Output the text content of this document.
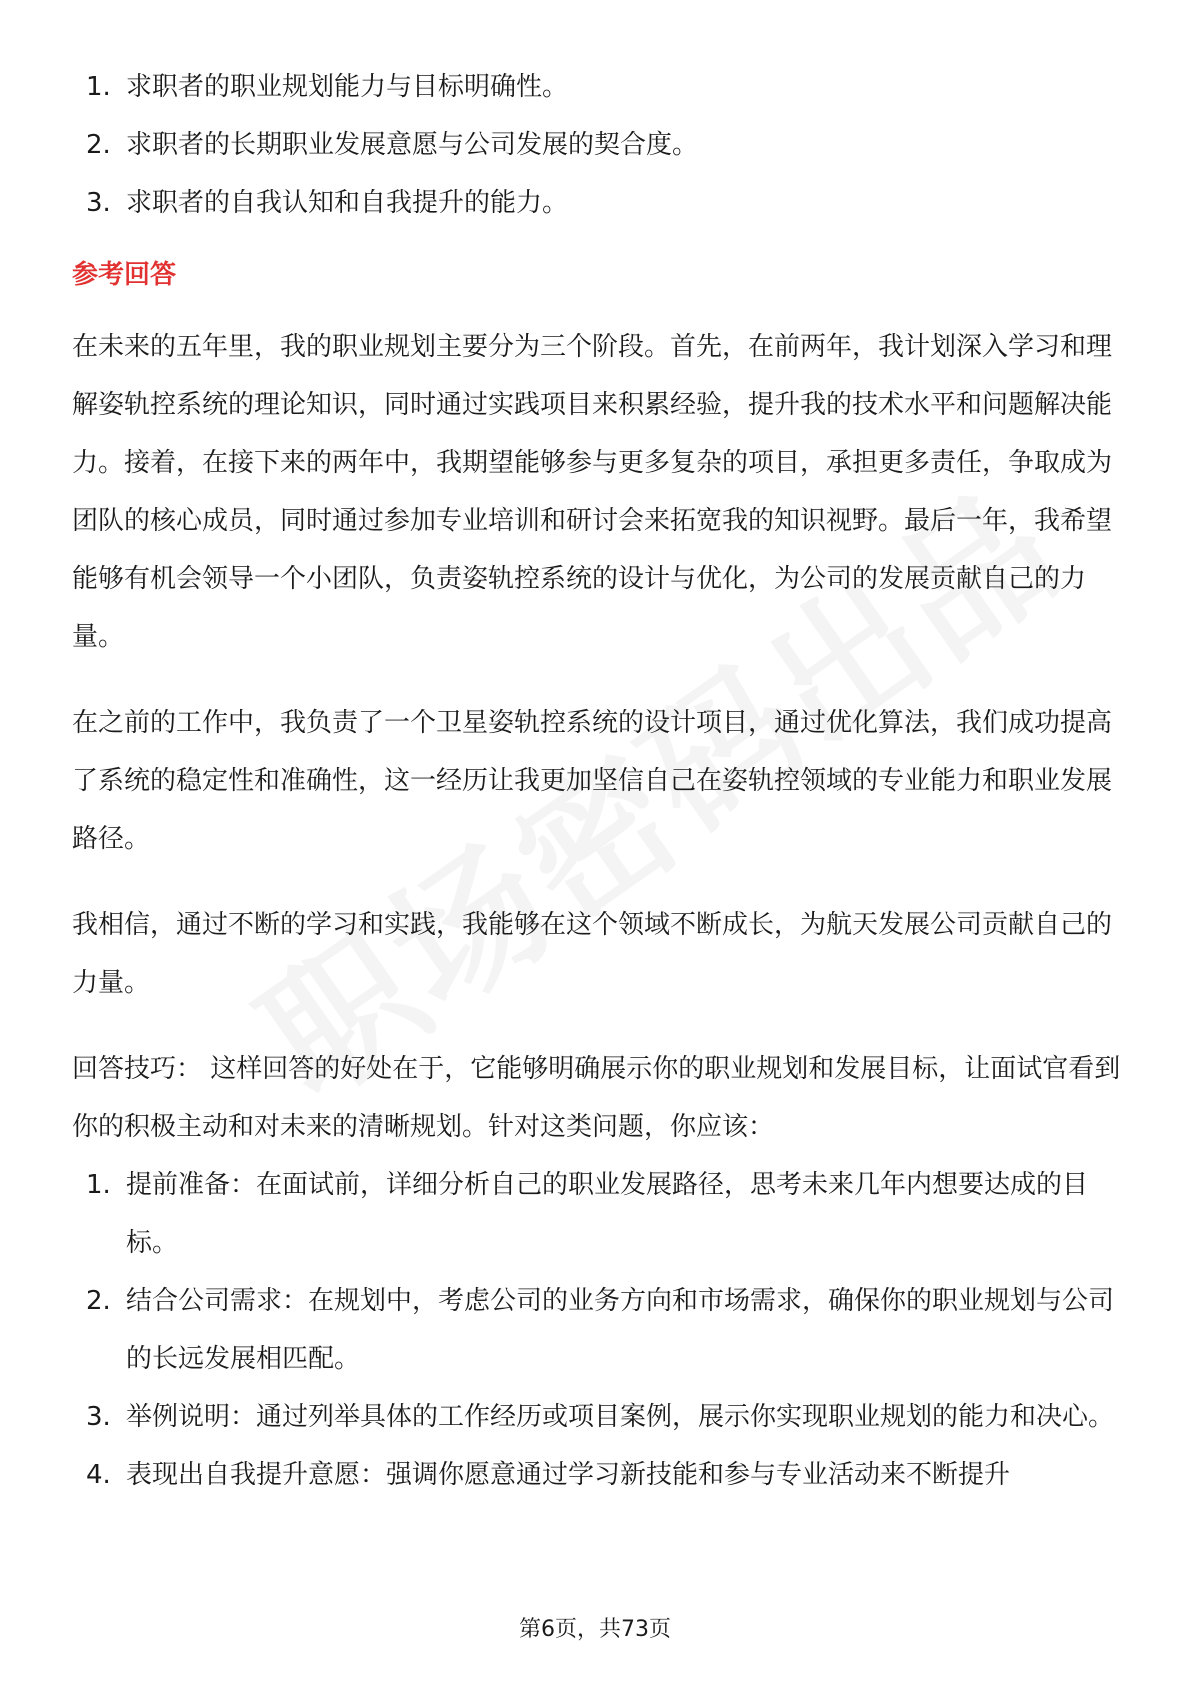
1. 求职者的职业规划能力与目标明确性。
2. 求职者的长期职业发展意愿与公司发展的契合度。
3. 求职者的自我认知和自我提升的能力。
参考回答

在未来的五年里，我的职业规划主要分为三个阶段。首先，在前两年，我计划深入学习和理解姿轨控系统的理论知识，同时通过实践项目来积累经验，提升我的技术水平和问题解决能力。接着，在接下来的两年中，我期望能够参与更多复杂的项目，承担更多责任，争取成为团队的核心成员，同时通过参加专业培训和研讨会来拓宽我的知识视野。最后一年，我希望能够有机会领导一个小团队，负责姿轨控系统的设计与优化，为公司的发展贡献自己的力量。

在之前的工作中，我负责了一个卫星姿轨控系统的设计项目，通过优化算法，我们成功提高了系统的稳定性和准确性，这一经历让我更加坚信自己在姿轨控领域的专业能力和职业发展路径。

我相信，通过不断的学习和实践，我能够在这个领域不断成长，为航天发展公司贡献自己的力量。

回答技巧： 这样回答的好处在于，它能够明确展示你的职业规划和发展目标，让面试官看到你的积极主动和对未来的清晰规划。针对这类问题，你应该：

1. 提前准备：在面试前，详细分析自己的职业发展路径，思考未来几年内想要达成的目标。
2. 结合公司需求：在规划中，考虑公司的业务方向和市场需求，确保你的职业规划与公司的长远发展相匹配。
3. 举例说明：通过列举具体的工作经历或项目案例，展示你实现职业规划的能力和决心。
4. 表现出自我提升意愿：强调你愿意通过学习新技能和参与专业活动来不断提升
第6页，共73页
